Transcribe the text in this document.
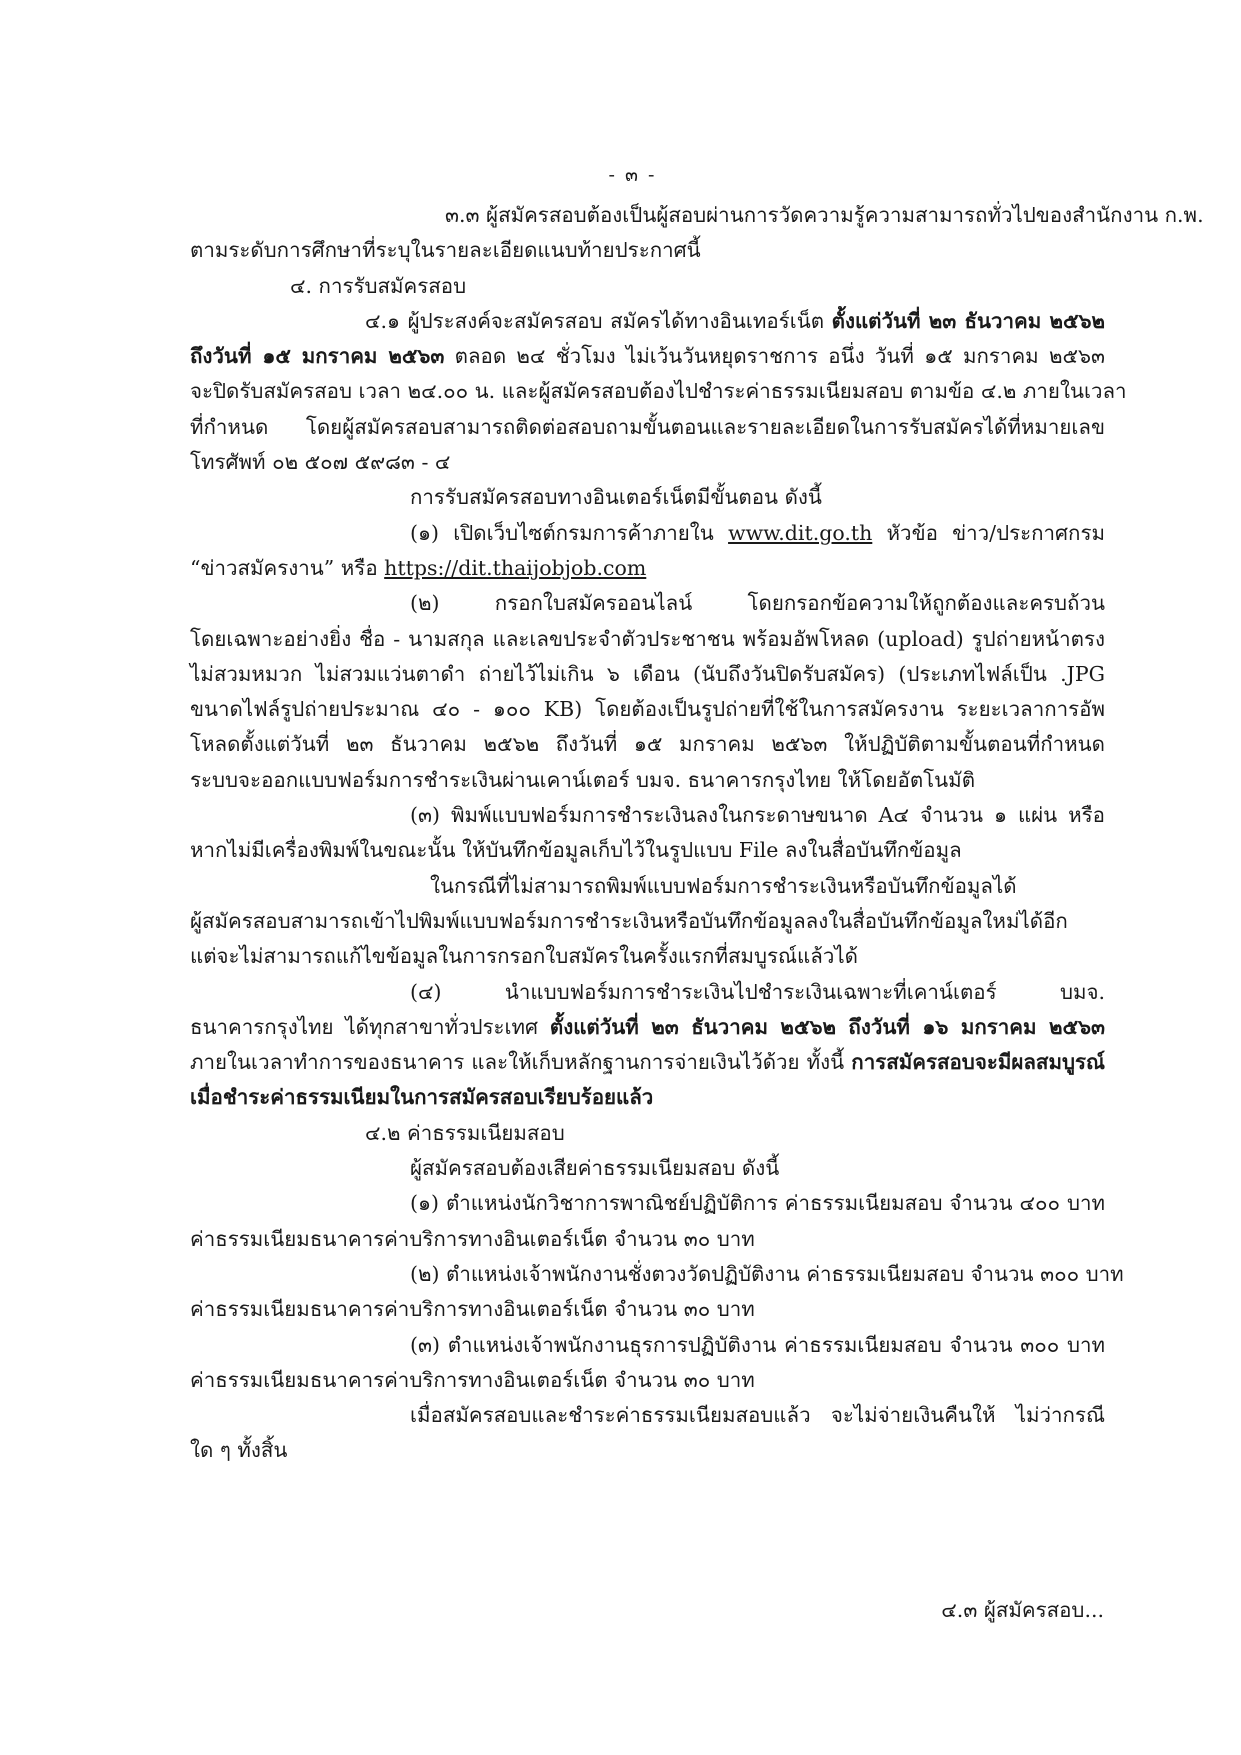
- ๓ -
๓.๓ ผู้สมัครสอบต้องเป็นผู้สอบผ่านการวัดความรู้ความสามารถทั่วไปของสำนักงาน ก.พ.
ตามระดับการศึกษาที่ระบุในรายละเอียดแนบท้ายประกาศนี้
๔. การรับสมัครสอบ
๔.๑ ผู้ประสงค์จะสมัครสอบ สมัครได้ทางอินเทอร์เน็ต ตั้งแต่วันที่ ๒๓ ธันวาคม ๒๕๖๒
ถึงวันที่ ๑๕ มกราคม ๒๕๖๓ ตลอด ๒๔ ชั่วโมง ไม่เว้นวันหยุดราชการ อนึ่ง วันที่ ๑๕ มกราคม ๒๕๖๓
จะปิดรับสมัครสอบ เวลา ๒๔.๐๐ น. และผู้สมัครสอบต้องไปชำระค่าธรรมเนียมสอบ ตามข้อ ๔.๒ ภายในเวลา
ที่กำหนด โดยผู้สมัครสอบสามารถติดต่อสอบถามขั้นตอนและรายละเอียดในการรับสมัครได้ที่หมายเลข
โทรศัพท์ ๐๒ ๕๐๗ ๕๙๘๓ - ๔
การรับสมัครสอบทางอินเตอร์เน็ตมีขั้นตอน ดังนี้
(๑) เปิดเว็บไซต์กรมการค้าภายใน www.dit.go.th หัวข้อ ข่าว/ประกาศกรม
“ข่าวสมัครงาน” หรือ https://dit.thaijobjob.com
(๒) กรอกใบสมัครออนไลน์ โดยกรอกข้อความให้ถูกต้องและครบถ้วน
โดยเฉพาะอย่างยิ่ง ชื่อ - นามสกุล และเลขประจำตัวประชาชน พร้อมอัพโหลด (upload) รูปถ่ายหน้าตรง
ไม่สวมหมวก ไม่สวมแว่นตาดำ ถ่ายไว้ไม่เกิน ๖ เดือน (นับถึงวันปิดรับสมัคร) (ประเภทไฟล์เป็น .JPG
ขนาดไฟล์รูปถ่ายประมาณ ๔๐ - ๑๐๐ KB) โดยต้องเป็นรูปถ่ายที่ใช้ในการสมัครงาน ระยะเวลาการอัพ
โหลดตั้งแต่วันที่ ๒๓ ธันวาคม ๒๕๖๒ ถึงวันที่ ๑๕ มกราคม ๒๕๖๓ ให้ปฏิบัติตามขั้นตอนที่กำหนด
ระบบจะออกแบบฟอร์มการชำระเงินผ่านเคาน์เตอร์ บมจ. ธนาคารกรุงไทย ให้โดยอัตโนมัติ
(๓) พิมพ์แบบฟอร์มการชำระเงินลงในกระดาษขนาด A๔ จำนวน ๑ แผ่น หรือ
หากไม่มีเครื่องพิมพ์ในขณะนั้น ให้บันทึกข้อมูลเก็บไว้ในรูปแบบ File ลงในสื่อบันทึกข้อมูล
ในกรณีที่ไม่สามารถพิมพ์แบบฟอร์มการชำระเงินหรือบันทึกข้อมูลได้
ผู้สมัครสอบสามารถเข้าไปพิมพ์แบบฟอร์มการชำระเงินหรือบันทึกข้อมูลลงในสื่อบันทึกข้อมูลใหม่ได้อีก
แต่จะไม่สามารถแก้ไขข้อมูลในการกรอกใบสมัครในครั้งแรกที่สมบูรณ์แล้วได้
(๔) นำแบบฟอร์มการชำระเงินไปชำระเงินเฉพาะที่เคาน์เตอร์ บมจ.
ธนาคารกรุงไทย ได้ทุกสาขาทั่วประเทศ ตั้งแต่วันที่ ๒๓ ธันวาคม ๒๕๖๒ ถึงวันที่ ๑๖ มกราคม ๒๕๖๓
ภายในเวลาทำการของธนาคาร และให้เก็บหลักฐานการจ่ายเงินไว้ด้วย ทั้งนี้ การสมัครสอบจะมีผลสมบูรณ์
เมื่อชำระค่าธรรมเนียมในการสมัครสอบเรียบร้อยแล้ว
๔.๒ ค่าธรรมเนียมสอบ
ผู้สมัครสอบต้องเสียค่าธรรมเนียมสอบ ดังนี้
(๑) ตำแหน่งนักวิชาการพาณิชย์ปฏิบัติการ ค่าธรรมเนียมสอบ จำนวน ๔๐๐ บาท
ค่าธรรมเนียมธนาคารค่าบริการทางอินเตอร์เน็ต จำนวน ๓๐ บาท
(๒) ตำแหน่งเจ้าพนักงานชั่งตวงวัดปฏิบัติงาน ค่าธรรมเนียมสอบ จำนวน ๓๐๐ บาท
ค่าธรรมเนียมธนาคารค่าบริการทางอินเตอร์เน็ต จำนวน ๓๐ บาท
(๓) ตำแหน่งเจ้าพนักงานธุรการปฏิบัติงาน ค่าธรรมเนียมสอบ จำนวน ๓๐๐ บาท
ค่าธรรมเนียมธนาคารค่าบริการทางอินเตอร์เน็ต จำนวน ๓๐ บาท
เมื่อสมัครสอบและชำระค่าธรรมเนียมสอบแล้ว จะไม่จ่ายเงินคืนให้ ไม่ว่ากรณี
ใด ๆ ทั้งสิ้น
๔.๓ ผู้สมัครสอบ...
